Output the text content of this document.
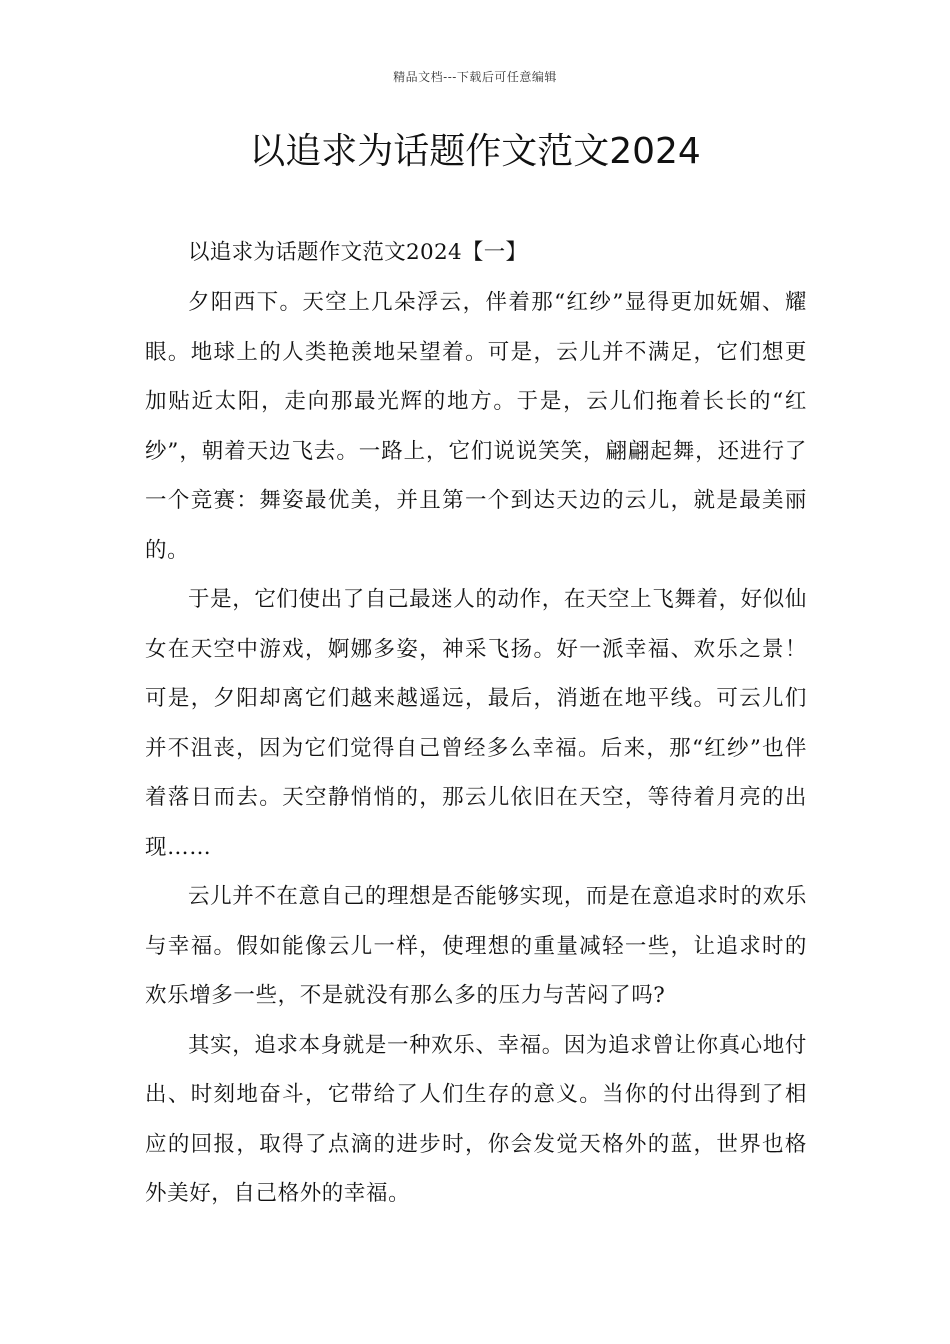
精品文档---下载后可任意编辑
以追求为话题作文范文2024

以追求为话题作文范文2024【一】

夕阳西下。天空上几朵浮云，伴着那“红纱”显得更加妩媚、耀眼。地球上的人类艳羡地呆望着。可是，云儿并不满足，它们想更加贴近太阳，走向那最光辉的地方。于是，云儿们拖着长长的“红纱”，朝着天边飞去。一路上，它们说说笑笑，翩翩起舞，还进行了一个竞赛：舞姿最优美，并且第一个到达天边的云儿，就是最美丽的。

于是，它们使出了自己最迷人的动作，在天空上飞舞着，好似仙女在天空中游戏，婀娜多姿，神采飞扬。好一派幸福、欢乐之景！可是，夕阳却离它们越来越遥远，最后，消逝在地平线。可云儿们并不沮丧，因为它们觉得自己曾经多么幸福。后来，那“红纱”也伴着落日而去。天空静悄悄的，那云儿依旧在天空，等待着月亮的出现……

云儿并不在意自己的理想是否能够实现，而是在意追求时的欢乐与幸福。假如能像云儿一样，使理想的重量减轻一些，让追求时的欢乐增多一些，不是就没有那么多的压力与苦闷了吗?

其实，追求本身就是一种欢乐、幸福。因为追求曾让你真心地付出、时刻地奋斗，它带给了人们生存的意义。当你的付出得到了相应的回报，取得了点滴的进步时，你会发觉天格外的蓝，世界也格外美好，自己格外的幸福。
